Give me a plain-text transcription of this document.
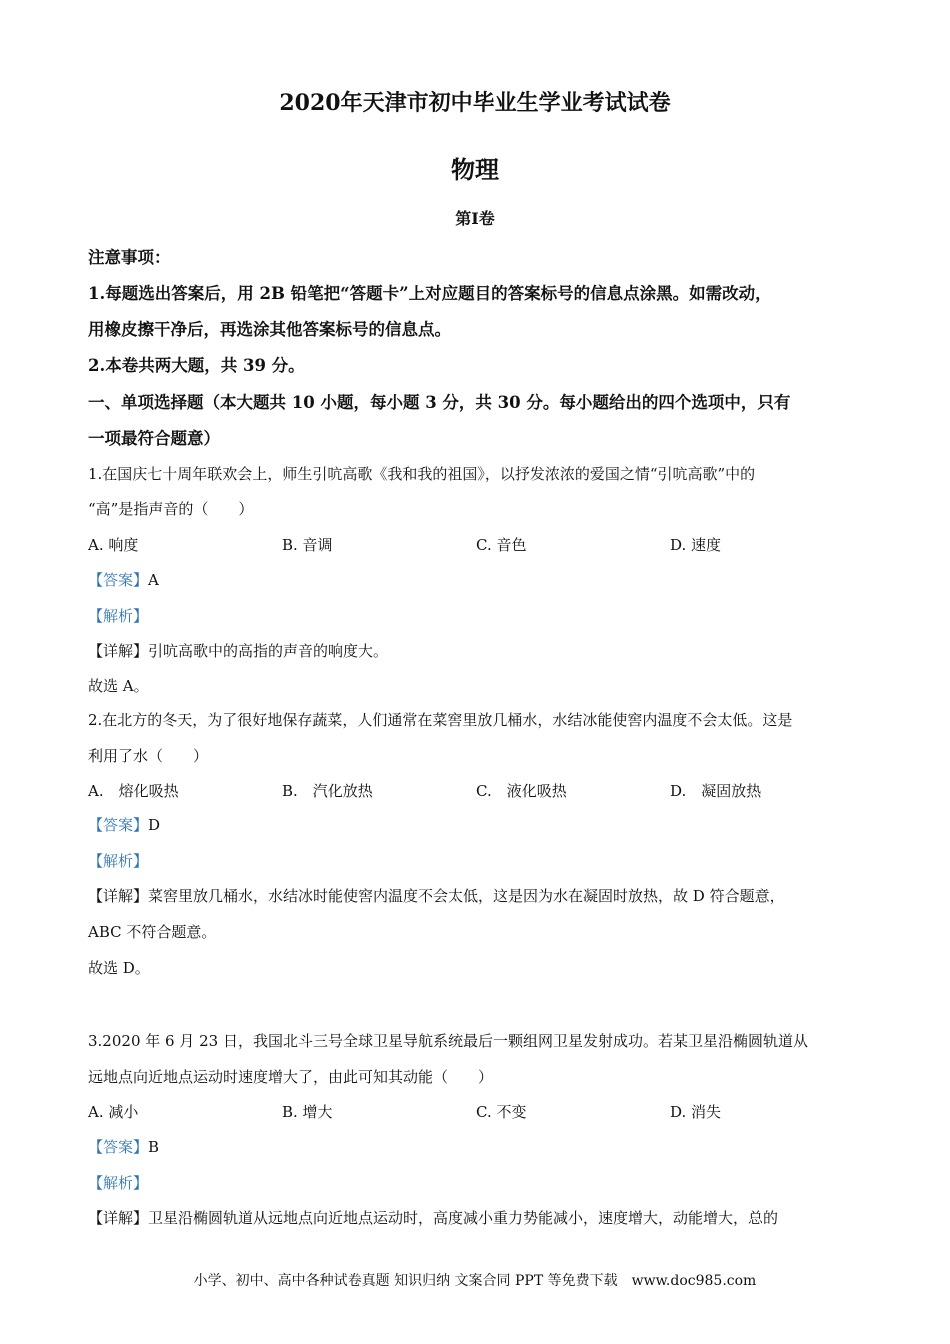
2020年天津市初中毕业生学业考试试卷
物理
第Ⅰ卷
注意事项：
1.每题选出答案后，用 2B 铅笔把“答题卡”上对应题目的答案标号的信息点涂黑。如需改动，
用橡皮擦干净后，再选涂其他答案标号的信息点。
2.本卷共两大题，共 39 分。
一、单项选择题（本大题共 10 小题，每小题 3 分，共 30 分。每小题给出的四个选项中，只有
一项最符合题意）
1.在国庆七十周年联欢会上，师生引吭高歌《我和我的祖国》，以抒发浓浓的爱国之情“引吭高歌”中的
“高”是指声音的（　　）
A. 响度	B. 音调	C. 音色	D. 速度
【答案】A
【解析】
【详解】引吭高歌中的高指的声音的响度大。
故选 A。
2.在北方的冬天，为了很好地保存蔬菜，人们通常在菜窖里放几桶水，水结冰能使窖内温度不会太低。这是
利用了水（　　）
A.　熔化吸热	B.　汽化放热	C.　液化吸热	D.　凝固放热
【答案】D
【解析】
【详解】菜窖里放几桶水，水结冰时能使窖内温度不会太低，这是因为水在凝固时放热，故 D 符合题意，
ABC 不符合题意。
故选 D。
3.2020 年 6 月 23 日，我国北斗三号全球卫星导航系统最后一颗组网卫星发射成功。若某卫星沿椭圆轨道从
远地点向近地点运动时速度增大了，由此可知其动能（　　）
A. 减小	B. 增大	C. 不变	D. 消失
【答案】B
【解析】
【详解】卫星沿椭圆轨道从远地点向近地点运动时，高度减小重力势能减小，速度增大，动能增大，总的
小学、初中、高中各种试卷真题 知识归纳 文案合同 PPT 等免费下载　www.doc985.com
